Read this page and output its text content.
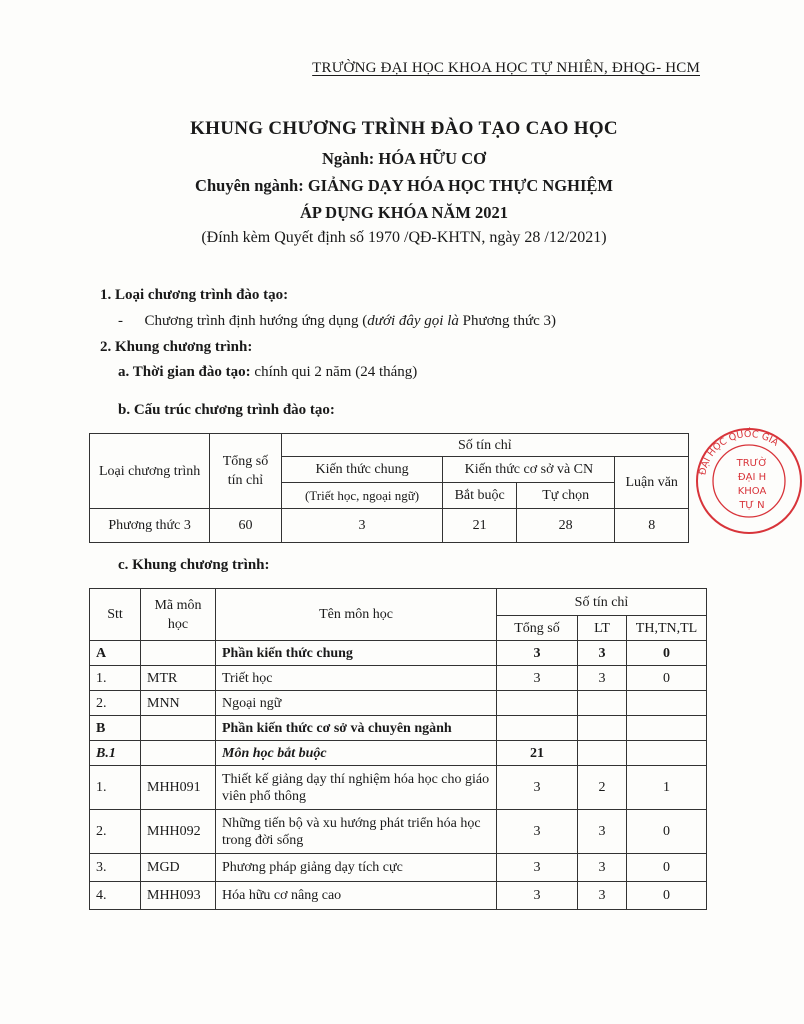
TRƯỜNG ĐẠI HỌC KHOA HỌC TỰ NHIÊN, ĐHQG- HCM
KHUNG CHƯƠNG TRÌNH ĐÀO TẠO CAO HỌC
Ngành: HÓA HỮU CƠ
Chuyên ngành: GIẢNG DẠY HÓA HỌC THỰC NGHIỆM
ÁP DỤNG KHÓA NĂM 2021
(Đính kèm Quyết định số 1970 /QĐ-KHTN, ngày 28 /12/2021)
1. Loại chương trình đào tạo:
- Chương trình định hướng ứng dụng (dưới đây gọi là Phương thức 3)
2. Khung chương trình:
a. Thời gian đào tạo: chính qui 2 năm (24 tháng)
b. Cấu trúc chương trình đào tạo:
Loại chương trình	Tổng số tín chỉ	Số tín chỉ			
		Kiến thức chung	Kiến thức cơ sở và CN		Luận văn
		(Triết học, ngoại ngữ)	Bắt buộc	Tự chọn	
Phương thức 3	60	3	21	28	8
c. Khung chương trình:
Stt	Mã môn học	Tên môn học	Số tín chỉ		
			Tổng số	LT	TH,TN,TL
A		Phần kiến thức chung	3	3	0
1.	MTR	Triết học	3	3	0
2.	MNN	Ngoại ngữ			
B		Phần kiến thức cơ sở và chuyên ngành			
B.1		Môn học bắt buộc	21		
1.	MHH091	Thiết kế giảng dạy thí nghiệm hóa học cho giáo viên phổ thông	3	2	1
2.	MHH092	Những tiến bộ và xu hướng phát triển hóa học trong đời sống	3	3	0
3.	MGD	Phương pháp giảng dạy tích cực	3	3	0
4.	MHH093	Hóa hữu cơ nâng cao	3	3	0
ĐẠI HỌC QUỐC GIA
TRƯỜ
ĐẠI H
KHOA
TỰ N
